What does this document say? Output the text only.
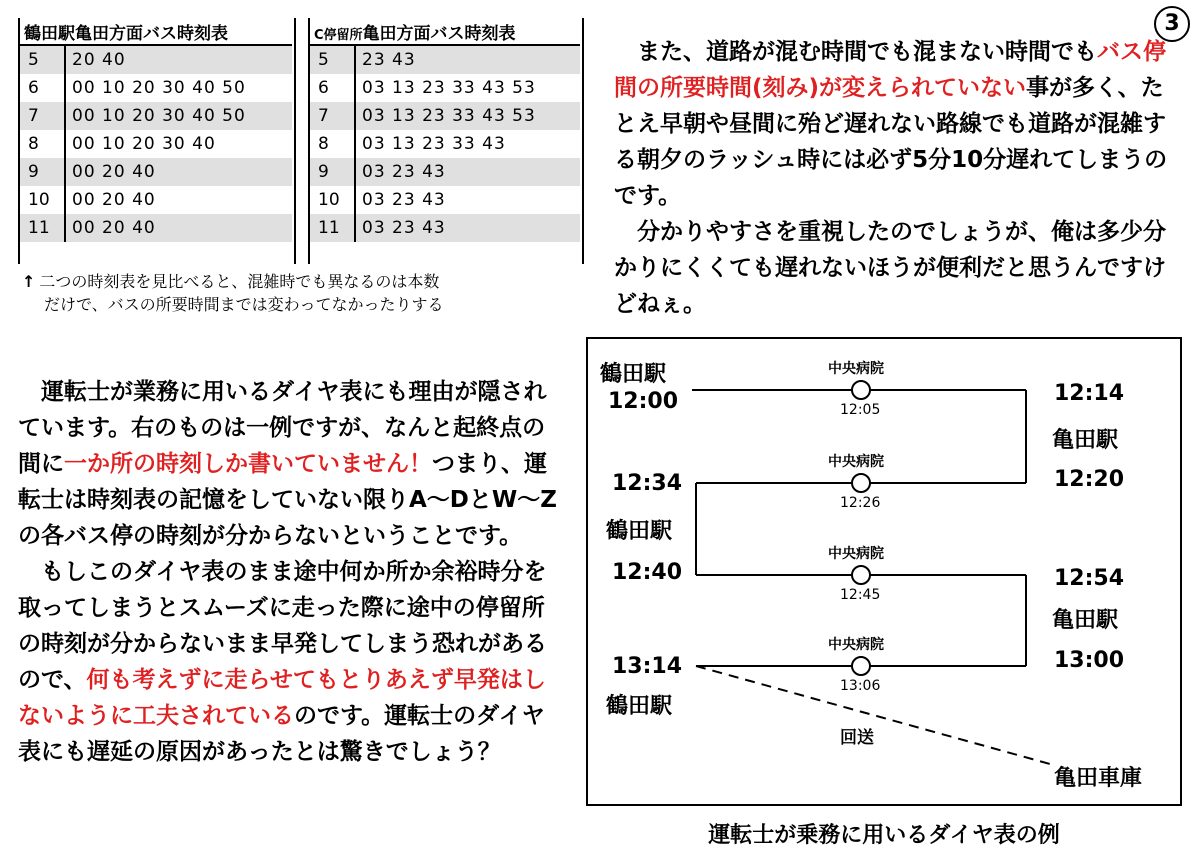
3
鶴田駅亀田方面バス時刻表	
5	20 40
6	00 10 20 30 40 50
7	00 10 20 30 40 50
8	00 10 20 30 40
9	00 20 40
10	00 20 40
11	00 20 40
C停留所亀田方面バス時刻表	
5	23 43
6	03 13 23 33 43 53
7	03 13 23 33 43 53
8	03 13 23 33 43
9	03 23 43
10	03 23 43
11	03 23 43
↑ 二つの時刻表を見比べると、混雑時でも異なるのは本数
だけで、バスの所要時間までは変わってなかったりする

また、道路が混む時間でも混まない時間でもバス停間の所要時間(刻み)が変えられていない事が多く、たとえ早朝や昼間に殆ど遅れない路線でも道路が混雑する朝夕のラッシュ時には必ず5分10分遅れてしまうのです。

分かりやすさを重視したのでしょうが、俺は多少分かりにくくても遅れないほうが便利だと思うんですけどねぇ。

運転士が業務に用いるダイヤ表にも理由が隠されています。右のものは一例ですが、なんと起終点の間に一か所の時刻しか書いていません！つまり、運転士は時刻表の記憶をしていない限りA～DとW～Zの各バス停の時刻が分からないということです。

もしこのダイヤ表のまま途中何か所か余裕時分を取ってしまうとスムーズに走った際に途中の停留所の時刻が分からないまま早発してしまう恐れがあるので、何も考えずに走らせてもとりあえず早発はしないように工夫されているのです。運転士のダイヤ表にも遅延の原因があったとは驚きでしょう？

鶴田駅
12:00
12:34
鶴田駅
12:40
13:14
鶴田駅
中央病院
12:05
中央病院
12:26
中央病院
12:45
中央病院
13:06
回送
12:14
亀田駅
12:20
12:54
亀田駅
13:00
亀田車庫
運転士が乗務に用いるダイヤ表の例
